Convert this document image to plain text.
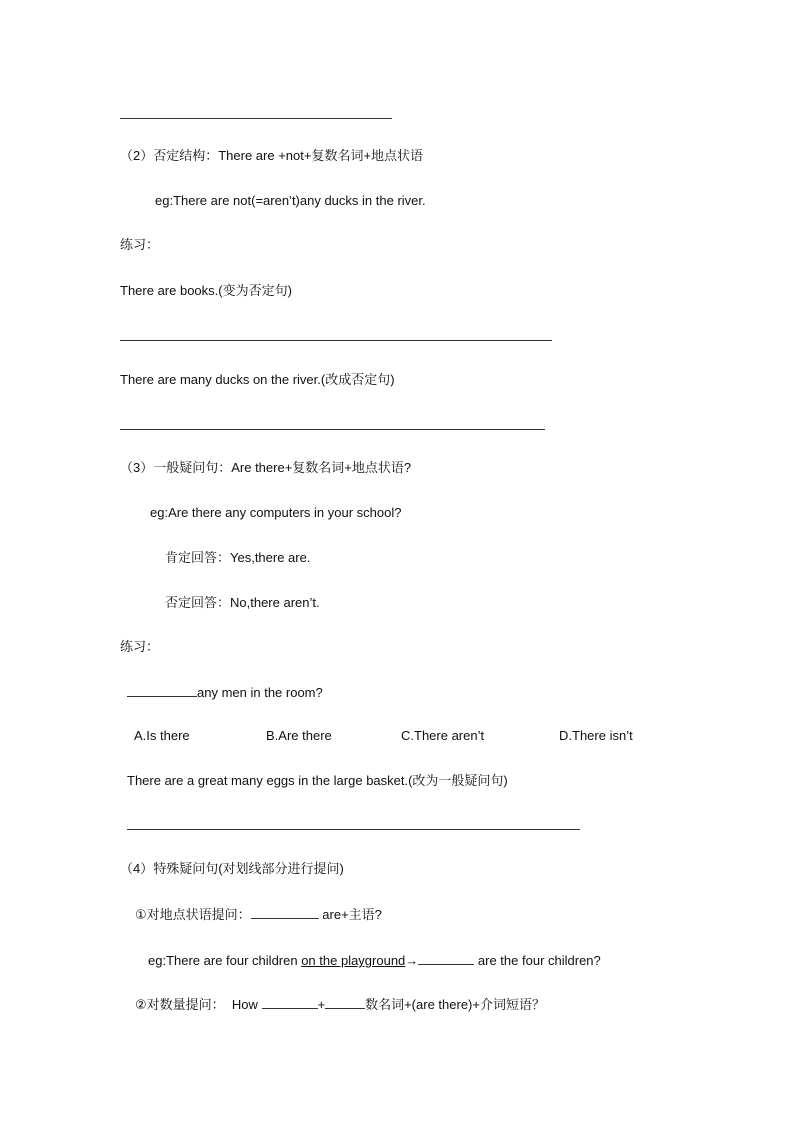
（2）否定结构：There are +not+复数名词+地点状语
eg:There are not(=aren’t)any ducks in the river.
练习：
There are books.(变为否定句)
There are many ducks on the river.(改成否定句)
（3）一般疑问句：Are there+复数名词+地点状语?
eg:Are there any computers in your school?
肯定回答：Yes,there are.
否定回答：No,there aren’t.
练习：
any men in the room?
A.Is there	B.Are there	C.There aren’t	D.There isn’t
There are a great many eggs in the large basket.(改为一般疑问句)
（4）特殊疑问句(对划线部分进行提问)
①对地点状语提问：	are+主语?
eg:There are four children on the playground→	are the four children?
②对数量提问：  How	+	数名词+(are there)+介词短语？
